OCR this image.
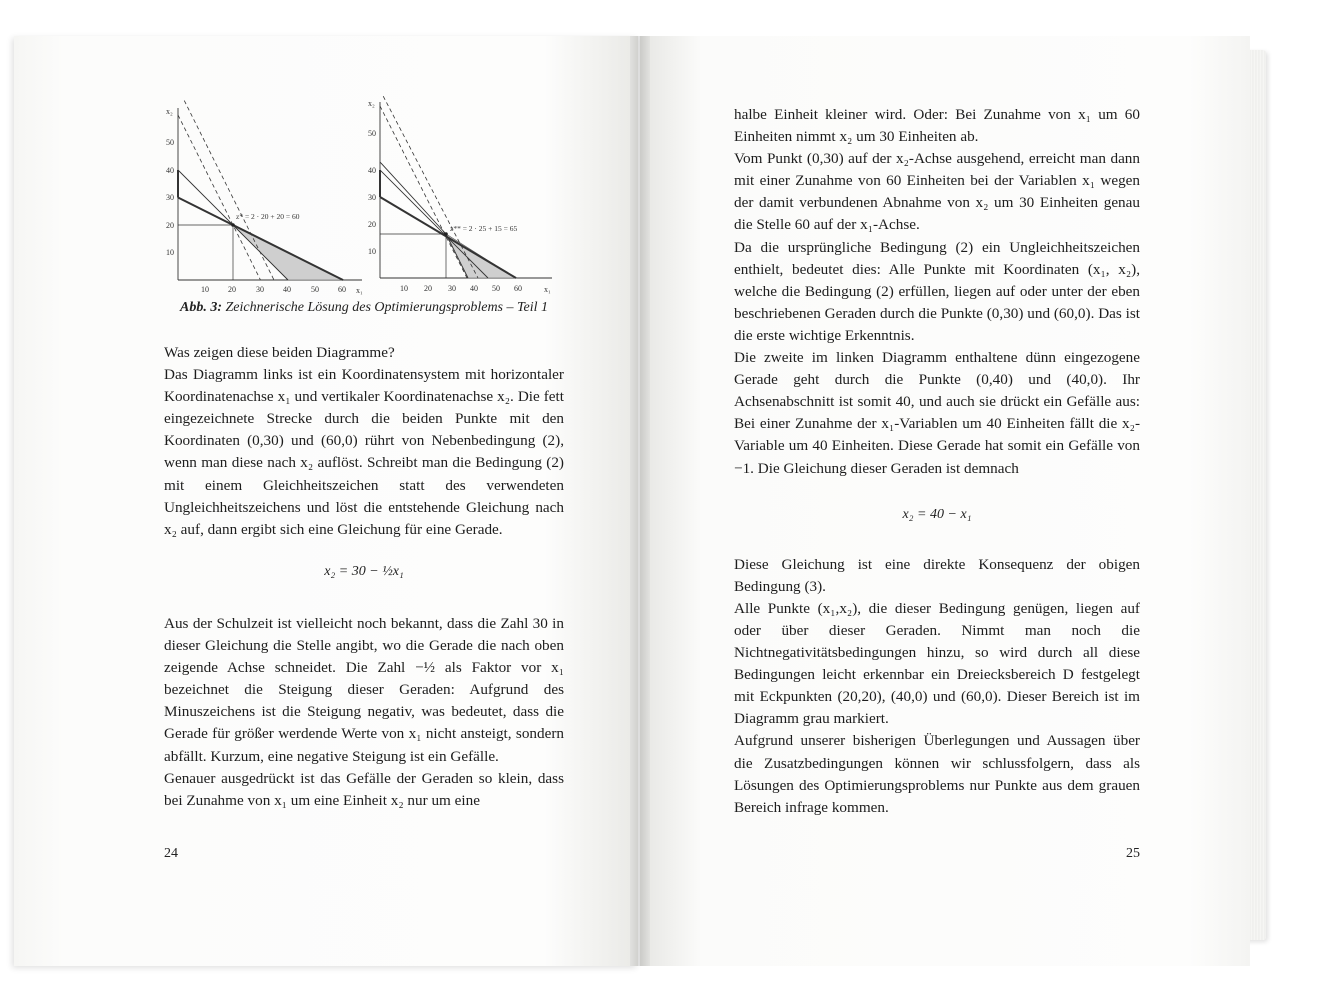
x₂
x₁
10
20
30
40
50
10 20	30 40	50 60
z* = 2 · 20 + 20 = 60
x₂
x₁
10
20
30
40
50
10 20 30 40 50 60
z** = 2 · 25 + 15 = 65
Abb. 3: Zeichnerische Lösung des Optimierungsproblems – Teil 1

Was zeigen diese beiden Diagramme?

Das Diagramm links ist ein Koordinatensystem mit horizontaler Koordinatenachse x₁ und vertikaler Koordinatenachse x₂. Die fett eingezeichnete Strecke durch die beiden Punkte mit den Koordinaten (0,30) und (60,0) rührt von Nebenbedingung (2), wenn man diese nach x₂ auflöst. Schreibt man die Bedingung (2) mit einem Gleichheitszeichen statt des verwendeten Ungleichheitszeichens und löst die entstehende Gleichung nach x₂ auf, dann ergibt sich eine Gleichung für eine Gerade.

x₂ = 30 − ½x₁

Aus der Schulzeit ist vielleicht noch bekannt, dass die Zahl 30 in dieser Gleichung die Stelle angibt, wo die Gerade die nach oben zeigende Achse schneidet. Die Zahl −½ als Faktor vor x₁ bezeichnet die Steigung dieser Geraden: Aufgrund des Minuszeichens ist die Steigung negativ, was bedeutet, dass die Gerade für größer werdende Werte von x₁ nicht ansteigt, sondern abfällt. Kurzum, eine negative Steigung ist ein Gefälle.

Genauer ausgedrückt ist das Gefälle der Geraden so klein, dass bei Zunahme von x₁ um eine Einheit x₂ nur um eine

halbe Einheit kleiner wird. Oder: Bei Zunahme von x₁ um 60 Einheiten nimmt x₂ um 30 Einheiten ab.

Vom Punkt (0,30) auf der x₂-Achse ausgehend, erreicht man dann mit einer Zunahme von 60 Einheiten bei der Variablen x₁ wegen der damit verbundenen Abnahme von x₂ um 30 Einheiten genau die Stelle 60 auf der x₁-Achse.

Da die ursprüngliche Bedingung (2) ein Ungleichheitszeichen enthielt, bedeutet dies: Alle Punkte mit Koordinaten (x₁, x₂), welche die Bedingung (2) erfüllen, liegen auf oder unter der eben beschriebenen Geraden durch die Punkte (0,30) und (60,0). Das ist die erste wichtige Erkenntnis.

Die zweite im linken Diagramm enthaltene dünn eingezogene Gerade geht durch die Punkte (0,40) und (40,0). Ihr Achsenabschnitt ist somit 40, und auch sie drückt ein Gefälle aus: Bei einer Zunahme der x₁-Variablen um 40 Einheiten fällt die x₂-Variable um 40 Einheiten. Diese Gerade hat somit ein Gefälle von −1. Die Gleichung dieser Geraden ist demnach

x₂ = 40 − x₁

Diese Gleichung ist eine direkte Konsequenz der obigen Bedingung (3).

Alle Punkte (x₁,x₂), die dieser Bedingung genügen, liegen auf oder über dieser Geraden. Nimmt man noch die Nichtnegativitätsbedingungen hinzu, so wird durch all diese Bedingungen leicht erkennbar ein Dreiecksbereich D festgelegt mit Eckpunkten (20,20), (40,0) und (60,0). Dieser Bereich ist im Diagramm grau markiert.

Aufgrund unserer bisherigen Überlegungen und Aussagen über die Zusatzbedingungen können wir schlussfolgern, dass als Lösungen des Optimierungsproblems nur Punkte aus dem grauen Bereich infrage kommen.

24	25
